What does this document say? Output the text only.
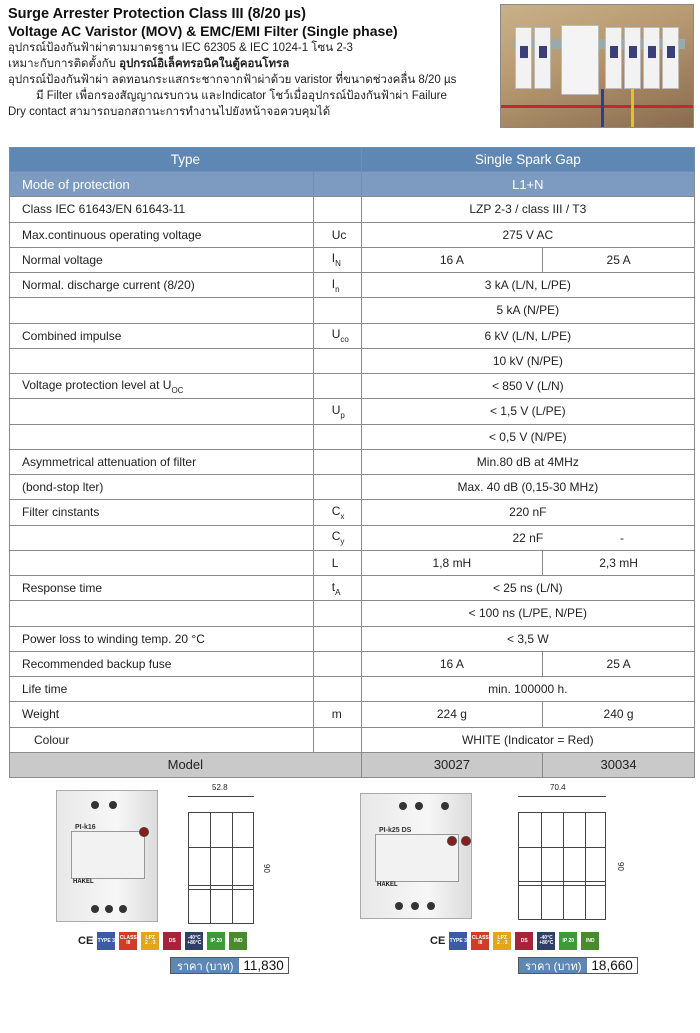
Surge Arrester Protection Class III (8/20 µs)
Voltage AC Varistor (MOV) & EMC/EMI Filter (Single phase)
อุปกรณ์ป้องกันฟ้าผ่าตามมาตรฐาน IEC 62305 & IEC 1024-1 โซน 2-3
เหมาะกับการติดตั้งกับ อุปกรณ์อิเล็คทรอนิคในตู้คอนโทรล
อุปกรณ์ป้องกันฟ้าผ่า ลดทอนกระแสกระชากจากฟ้าผ่าด้วย varistor ที่ขนาดช่วงคลื่น 8/20 µs
มี Filter เพื่อกรองสัญญาณรบกวน และIndicator โชว์เมื่ออุปกรณ์ป้องกันฟ้าผ่า Failure
Dry contact สามารถบอกสถานะการทำงานไปยังหน้าจอควบคุมได้
Type		Single Spark Gap	
Mode of protection		L1+N	
Class IEC 61643/EN 61643-11		LZP 2-3 / class III / T3	
Max.continuous operating voltage	Uc	275 V AC	
Normal voltage	$I_N$	16 A	25 A
Normal. discharge current (8/20)	$I_n$	3 kA (L/N, L/PE)	
		5 kA (N/PE)	
Combined impulse	$U_{co}$	6 kV (L/N, L/PE)	
		10 kV (N/PE)	
Voltage protection level at $U_{OC}$		< 850 V (L/N)	
	$U_p$	< 1,5 V (L/PE)	
		< 0,5 V (N/PE)	
Asymmetrical attenuation of filter		Min.80 dB at 4MHz	
(bond-stop lter)		Max. 40 dB (0,15-30 MHz)	
Filter cinstants	$C_x$	220 nF	
	$C_y$	22 nF -	

	L	1,8 mH	2,3 mH
Response time	$t_A$	< 25 ns (L/N)	
		< 100 ns (L/PE, N/PE)	
Power loss to winding temp. 20 °C		< 3,5 W	
Recommended backup fuse		16 A	25 A
Life time		min. 100000 h.	
Weight	m	224 g	240 g
Colour		WHITE (Indicator = Red)	
Model		30027	30034
PI-k16
HAKEL
52.8
90
CE TYPE 3 CLASS III
LPZ 2→3	DS	-40°C +80°C	IP 20	IND
ราคา (บาท) 11,830
PI-k25 DS
HAKEL
70.4
90
CE TYPE 3 CLASS III
LPZ 2→3	DS	-40°C +80°C	IP 20	IND
ราคา (บาท) 18,660
